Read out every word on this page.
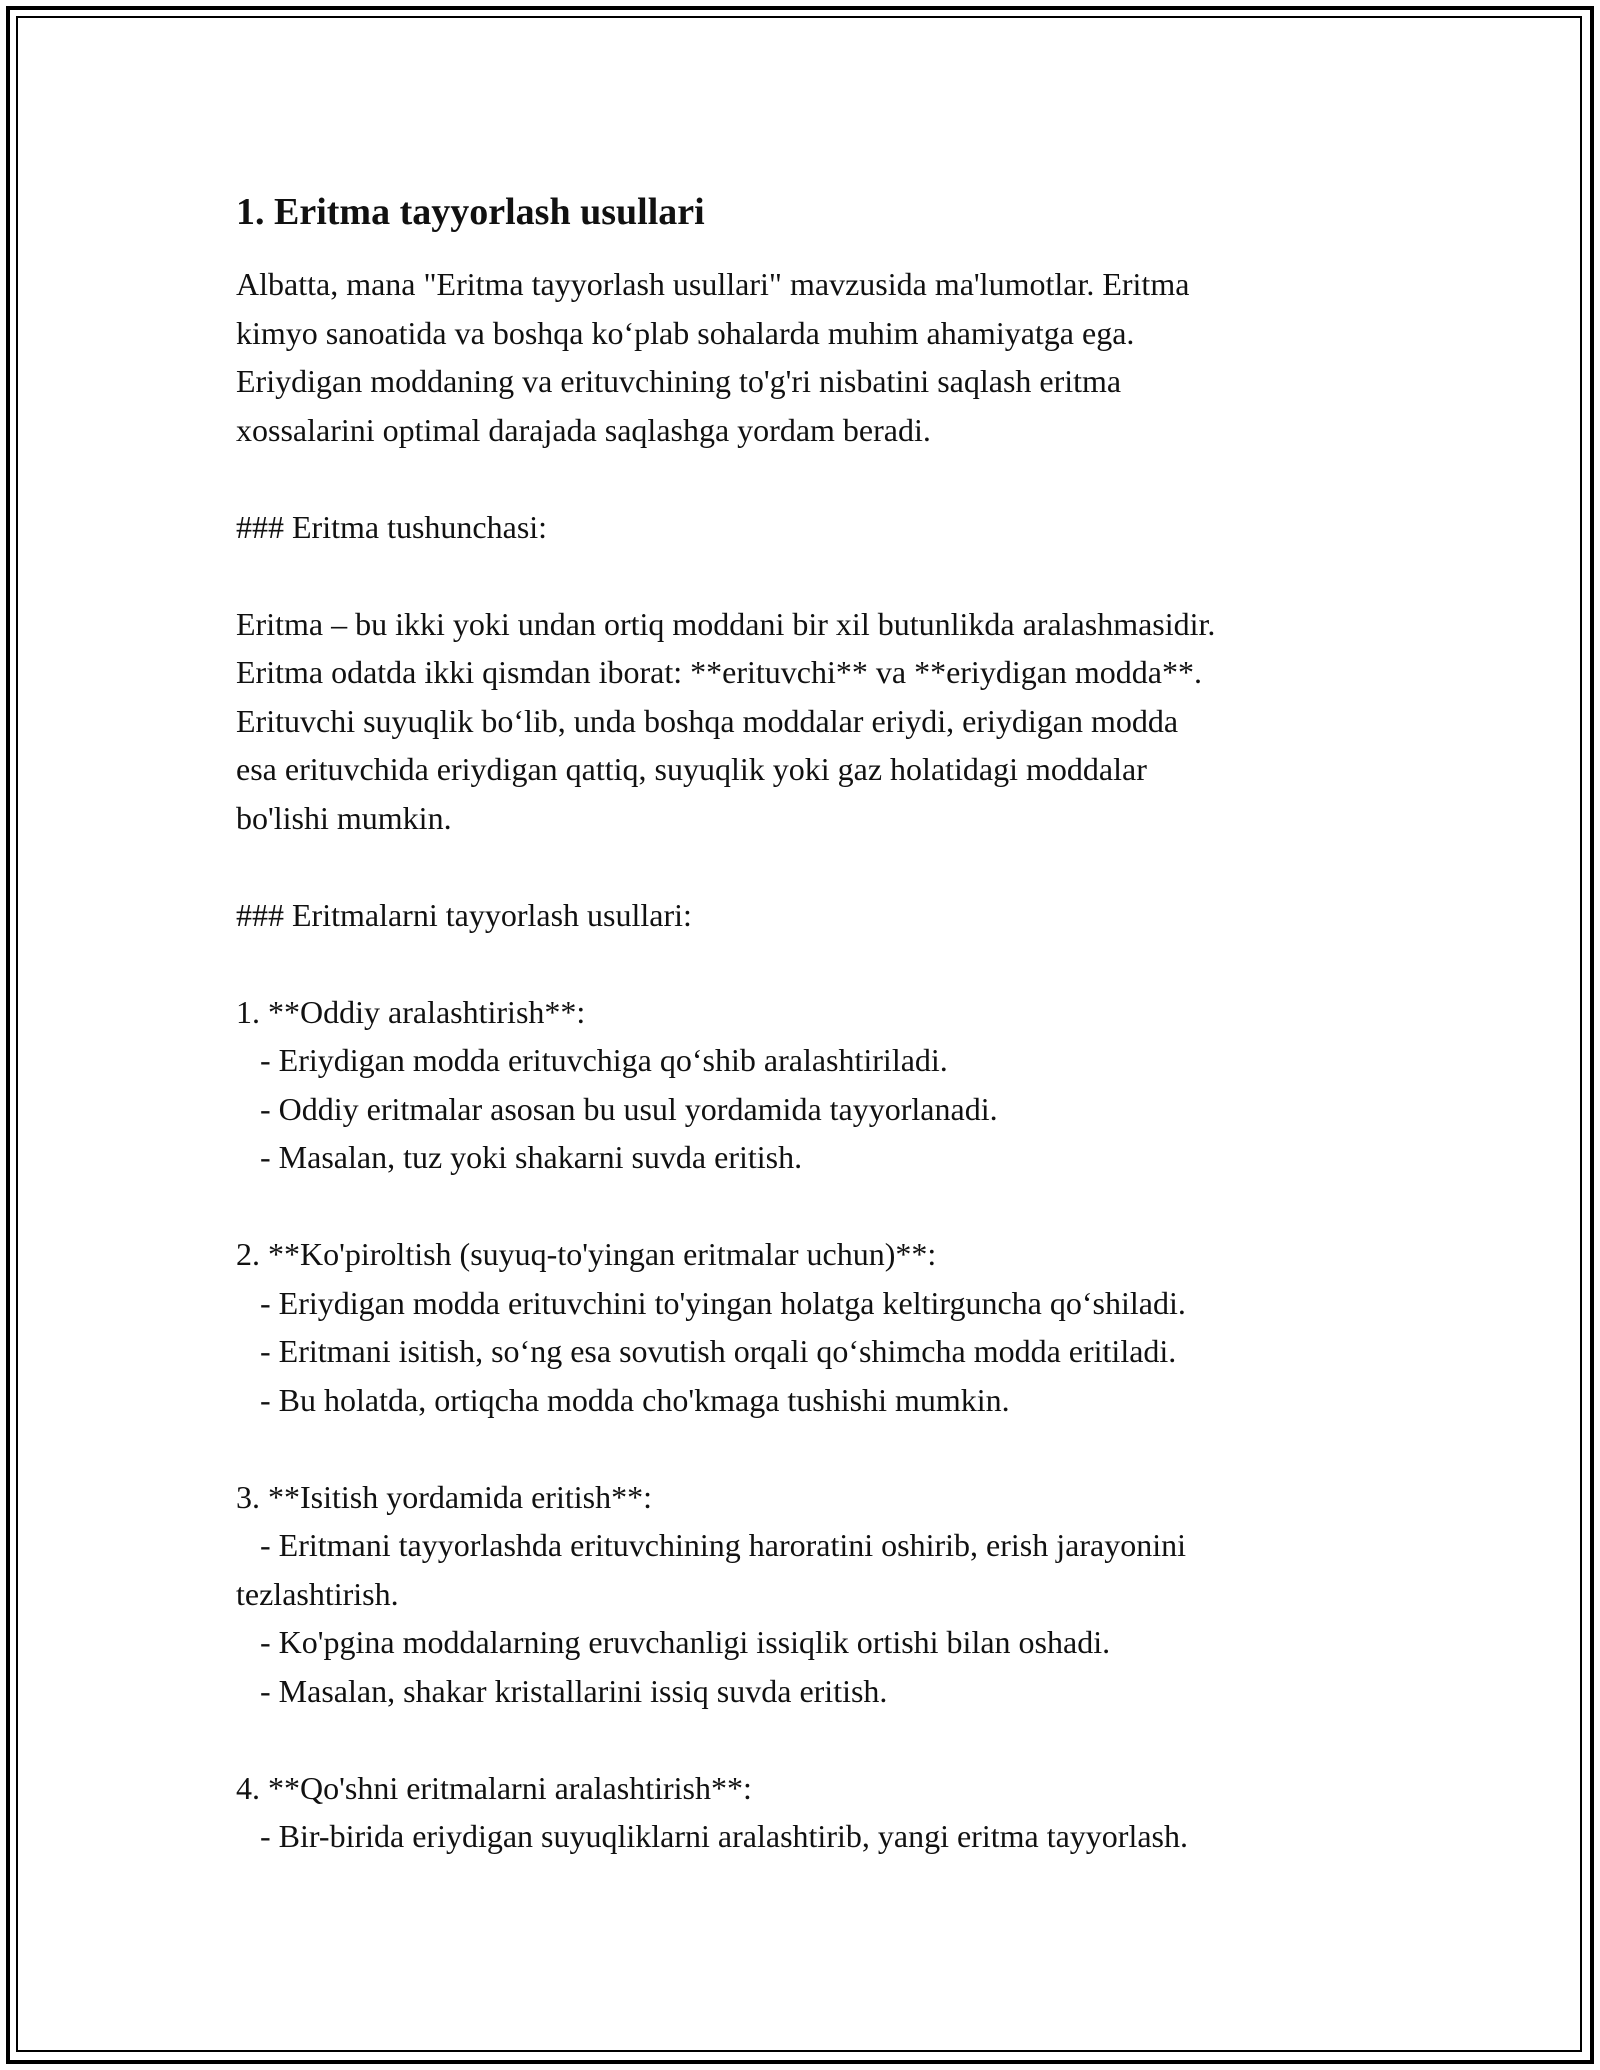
1. Eritma tayyorlash usullari

Albatta, mana "Eritma tayyorlash usullari" mavzusida ma'lumotlar. Eritma
kimyo sanoatida va boshqa ko‘plab sohalarda muhim ahamiyatga ega.
Eriydigan moddaning va erituvchining to'g'ri nisbatini saqlash eritma
xossalarini optimal darajada saqlashga yordam beradi.

### Eritma tushunchasi:

Eritma – bu ikki yoki undan ortiq moddani bir xil butunlikda aralashmasidir.
Eritma odatda ikki qismdan iborat: **erituvchi** va **eriydigan modda**.
Erituvchi suyuqlik bo‘lib, unda boshqa moddalar eriydi, eriydigan modda
esa erituvchida eriydigan qattiq, suyuqlik yoki gaz holatidagi moddalar
bo'lishi mumkin.

### Eritmalarni tayyorlash usullari:

1. **Oddiy aralashtirish**:

- Eriydigan modda erituvchiga qo‘shib aralashtiriladi.

- Oddiy eritmalar asosan bu usul yordamida tayyorlanadi.

- Masalan, tuz yoki shakarni suvda eritish.

2. **Ko'piroltish (suyuq-to'yingan eritmalar uchun)**:

- Eriydigan modda erituvchini to'yingan holatga keltirguncha qo‘shiladi.

- Eritmani isitish, so‘ng esa sovutish orqali qo‘shimcha modda eritiladi.

- Bu holatda, ortiqcha modda cho'kmaga tushishi mumkin.

3. **Isitish yordamida eritish**:

- Eritmani tayyorlashda erituvchining haroratini oshirib, erish jarayonini
tezlashtirish.

- Ko'pgina moddalarning eruvchanligi issiqlik ortishi bilan oshadi.

- Masalan, shakar kristallarini issiq suvda eritish.

4. **Qo'shni eritmalarni aralashtirish**:

- Bir-birida eriydigan suyuqliklarni aralashtirib, yangi eritma tayyorlash.
